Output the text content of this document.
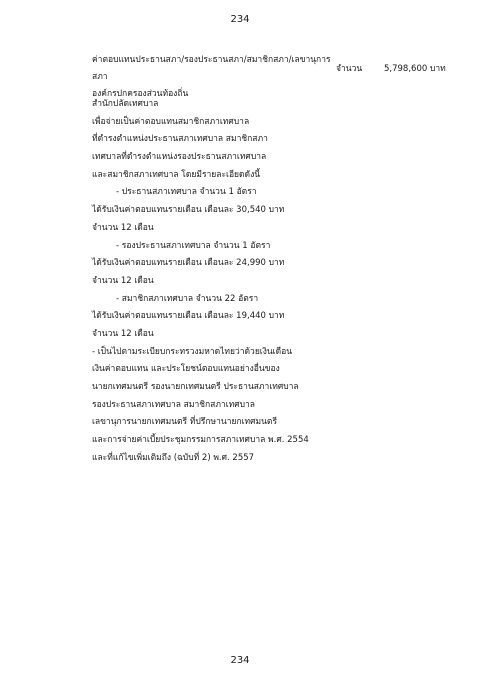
234
ค่าตอบแทนประธานสภา/รองประธานสภา/สมาชิกสภา/เลขานุการสภา
องค์กรปกครองส่วนท้องถิ่น
จำนวน	5,798,600 บาท
สำนักปลัดเทศบาล
เพื่อจ่ายเป็นค่าตอบแทนสมาชิกสภาเทศบาล
ที่ดำรงตำแหน่งประธานสภาเทศบาล สมาชิกสภา
เทศบาลที่ดำรงตำแหน่งรองประธานสภาเทศบาล
และสมาชิกสภาเทศบาล โดยมีรายละเอียดดังนี้
- ประธานสภาเทศบาล จำนวน 1 อัตรา
ได้รับเงินค่าตอบแทนรายเดือน เดือนละ 30,540 บาท
จำนวน 12 เดือน
- รองประธานสภาเทศบาล จำนวน 1 อัตรา
ได้รับเงินค่าตอบแทนรายเดือน เดือนละ 24,990 บาท
จำนวน 12 เดือน
- สมาชิกสภาเทศบาล จำนวน 22 อัตรา
ได้รับเงินค่าตอบแทนรายเดือน เดือนละ 19,440 บาท
จำนวน 12 เดือน
- เป็นไปตามระเบียบกระทรวงมหาดไทยว่าด้วยเงินเดือน
เงินค่าตอบแทน และประโยชน์ตอบแทนอย่างอื่นของ
นายกเทศมนตรี รองนายกเทศมนตรี ประธานสภาเทศบาล
รองประธานสภาเทศบาล สมาชิกสภาเทศบาล
เลขานุการนายกเทศมนตรี ที่ปรึกษานายกเทศมนตรี
และการจ่ายค่าเบี้ยประชุมกรรมการสภาเทศบาล พ.ศ. 2554
และที่แก้ไขเพิ่มเติมถึง (ฉบับที่ 2) พ.ศ. 2557
234
